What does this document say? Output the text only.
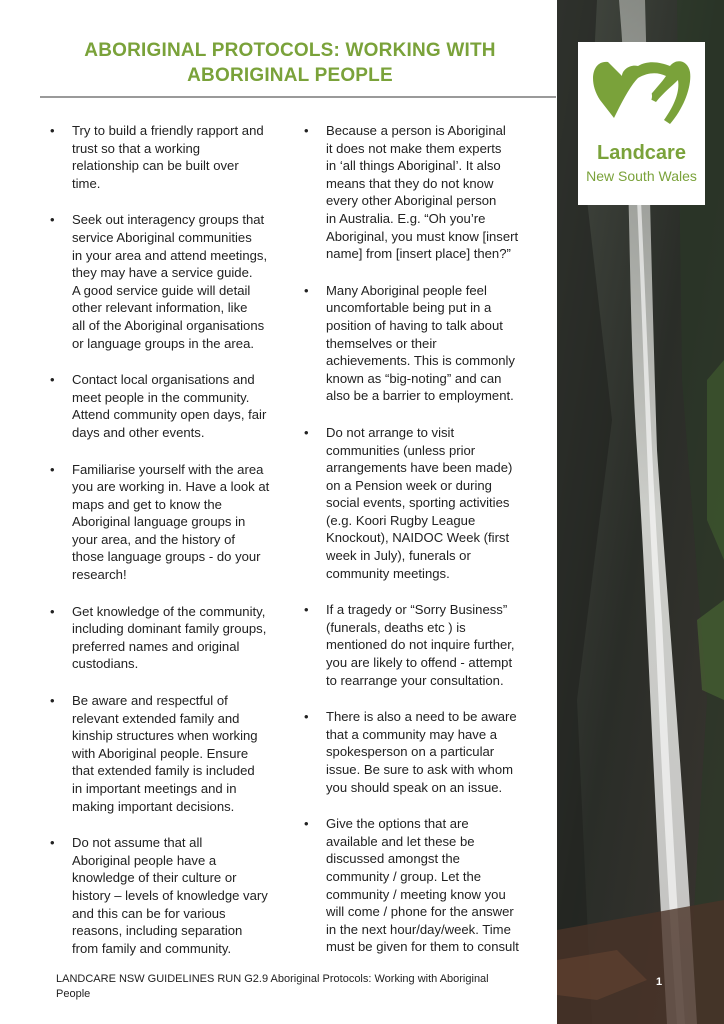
ABORIGINAL PROTOCOLS: WORKING WITH
ABORIGINAL PEOPLE
• Try to build a friendly rapport and
trust so that a working
relationship can be built over
time.
• Seek out interagency groups that
service Aboriginal communities
in your area and attend meetings,
they may have a service guide.
A good service guide will detail
other relevant information, like
all of the Aboriginal organisations
or language groups in the area.
• Contact local organisations and
meet people in the community.
Attend community open days, fair
days and other events.
• Familiarise yourself with the area
you are working in. Have a look at
maps and get to know the
Aboriginal language groups in
your area, and the history of
those language groups - do your
research!
• Get knowledge of the community,
including dominant family groups,
preferred names and original
custodians.
• Be aware and respectful of
relevant extended family and
kinship structures when working
with Aboriginal people. Ensure
that extended family is included
in important meetings and in
making important decisions.
• Do not assume that all
Aboriginal people have a
knowledge of their culture or
history – levels of knowledge vary
and this can be for various
reasons, including separation
from family and community.
• Because a person is Aboriginal
it does not make them experts
in ‘all things Aboriginal’. It also
means that they do not know
every other Aboriginal person
in Australia. E.g. “Oh you’re
Aboriginal, you must know [insert
name] from [insert place] then?”
• Many Aboriginal people feel
uncomfortable being put in a
position of having to talk about
themselves or their
achievements. This is commonly
known as “big-noting” and can
also be a barrier to employment.
• Do not arrange to visit
communities (unless prior
arrangements have been made)
on a Pension week or during
social events, sporting activities
(e.g. Koori Rugby League
Knockout), NAIDOC Week (first
week in July), funerals or
community meetings.
• If a tragedy or “Sorry Business”
(funerals, deaths etc ) is
mentioned do not inquire further,
you are likely to offend - attempt
to rearrange your consultation.
• There is also a need to be aware
that a community may have a
spokesperson on a particular
issue. Be sure to ask with whom
you should speak on an issue.
• Give the options that are
available and let these be
discussed amongst the
community / group. Let the
community / meeting know you
will come / phone for the answer
in the next hour/day/week. Time
must be given for them to consult
Landcare
New South Wales
LANDCARE NSW GUIDELINES RUN G2.9 Aboriginal Protocols: Working with Aboriginal
People
1
